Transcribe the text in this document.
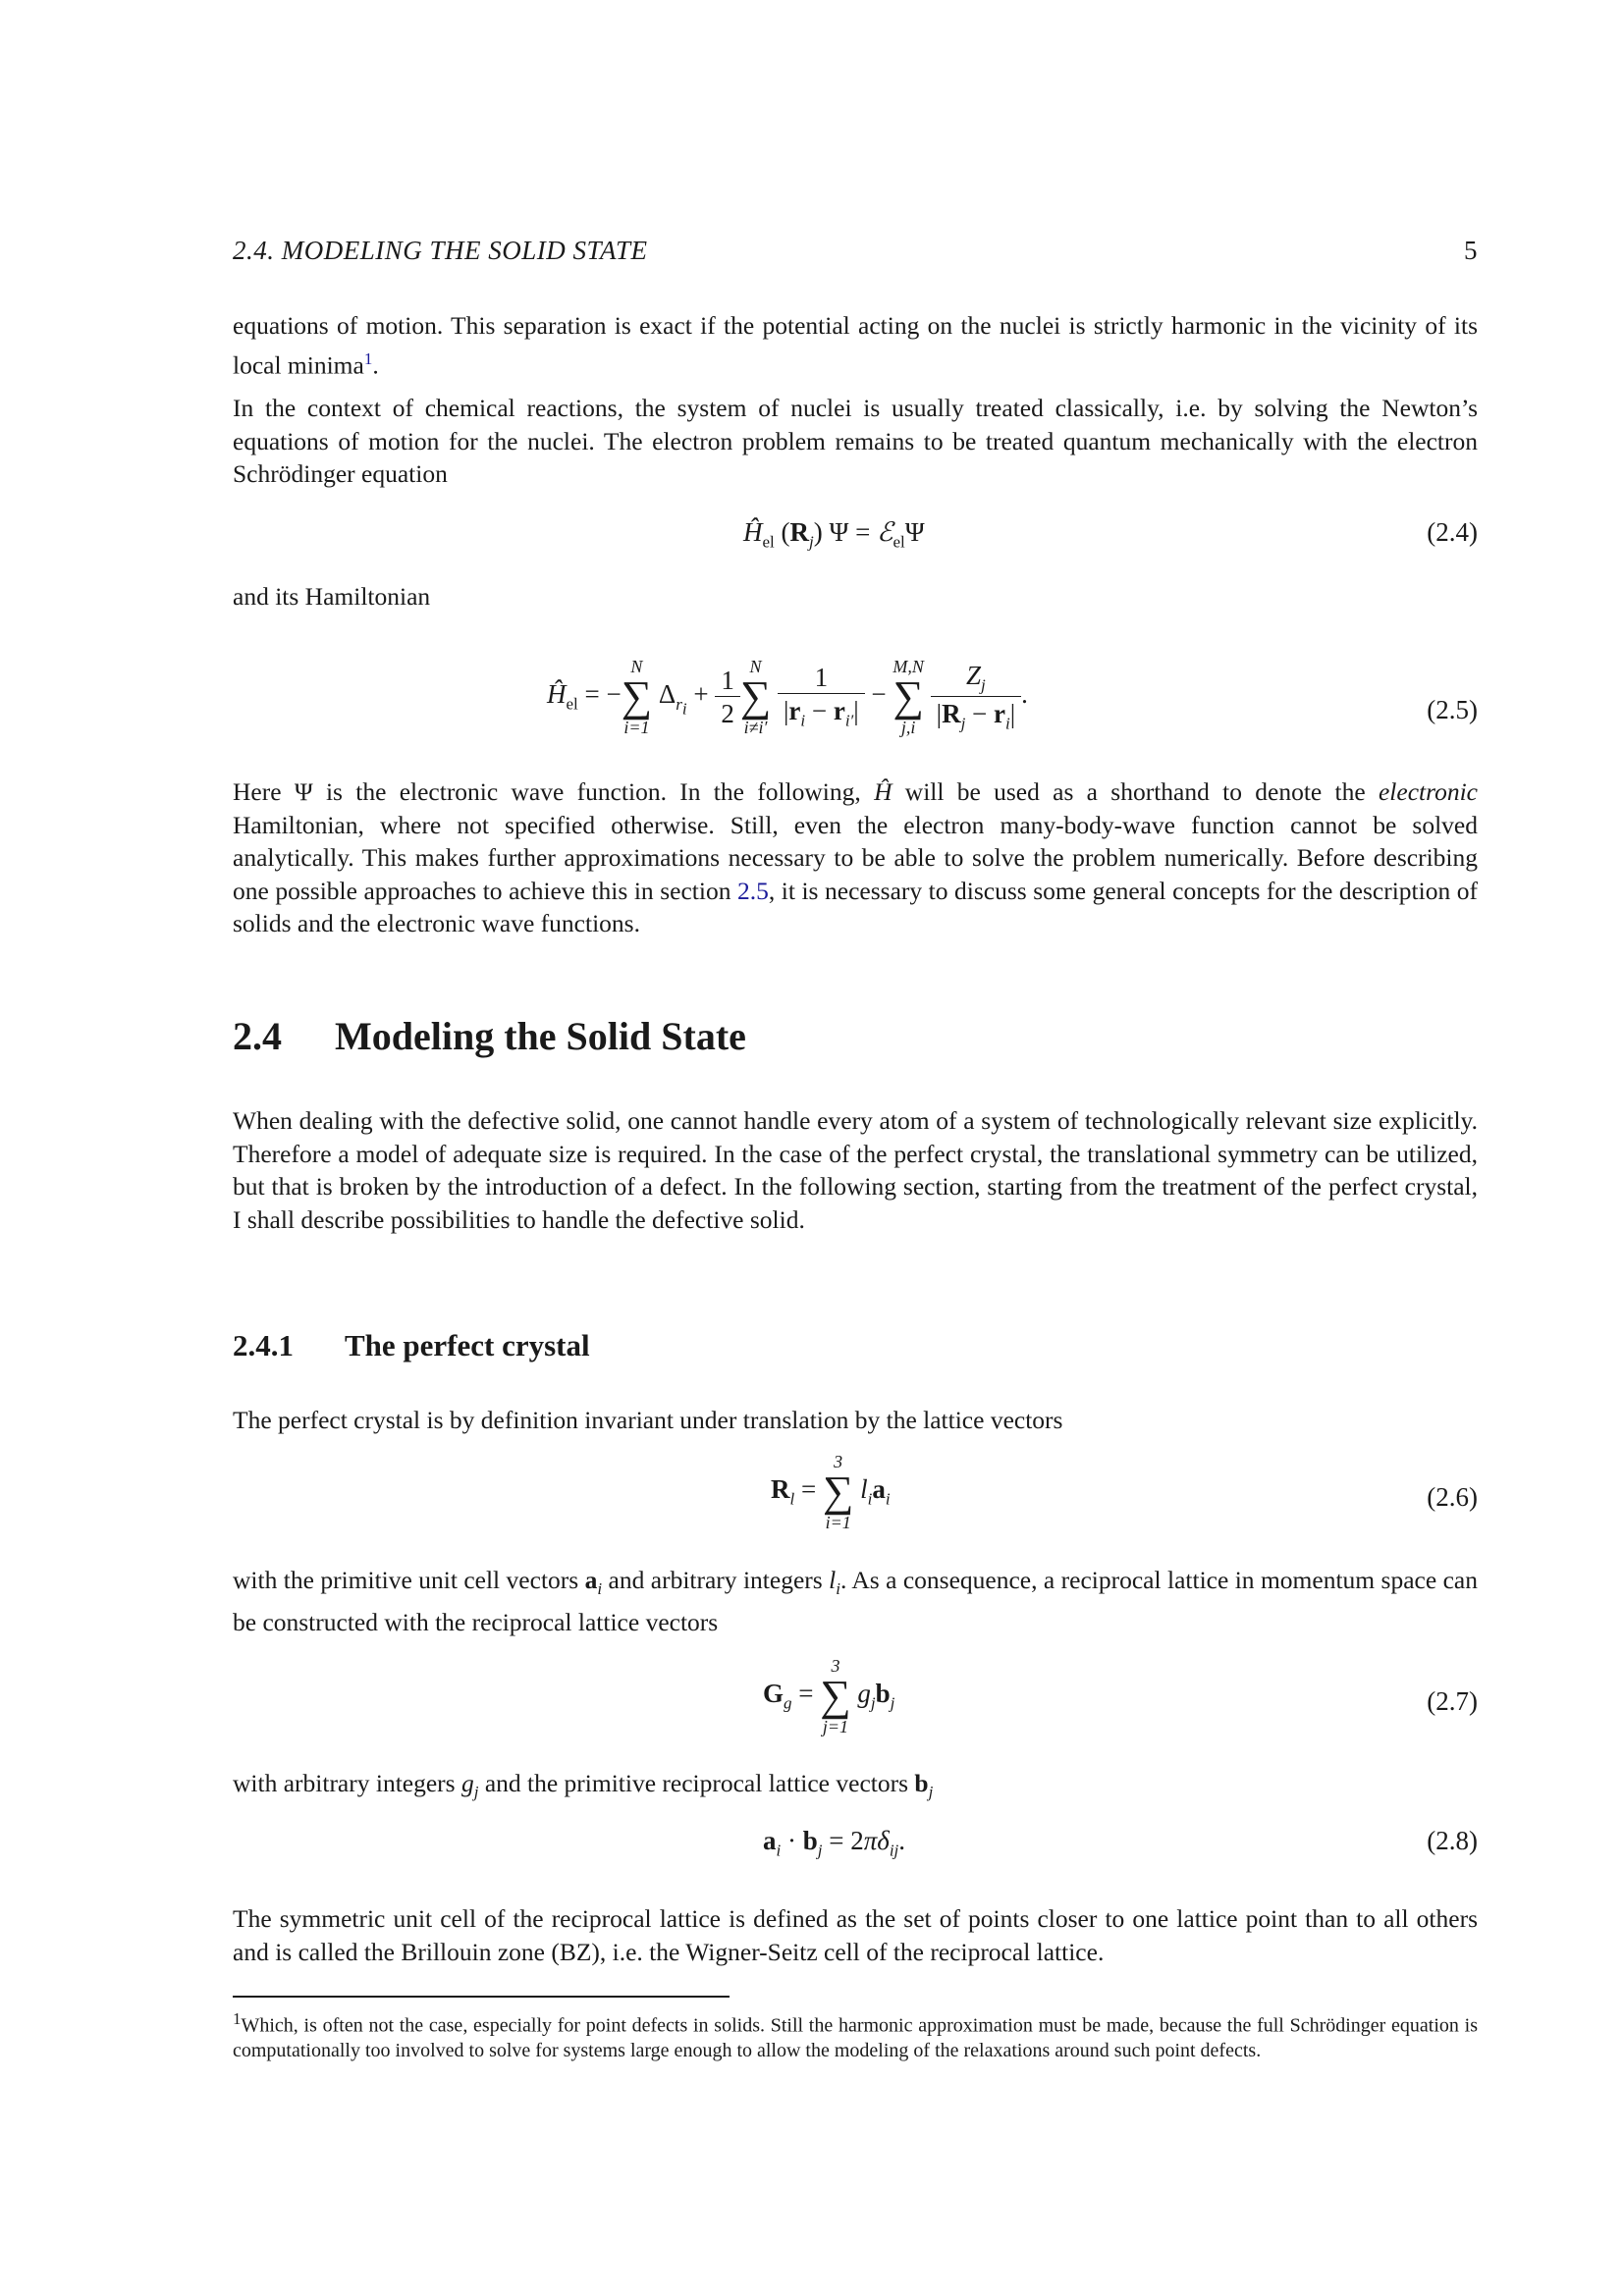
2.4. MODELING THE SOLID STATE	5

equations of motion. This separation is exact if the potential acting on the nuclei is strictly harmonic in the vicinity of its local minima$^1$.

In the context of chemical reactions, the system of nuclei is usually treated classically, i.e. by solving the Newton’s equations of motion for the nuclei. The electron problem remains to be treated quantum mechanically with the electron Schrödinger equation

$Ĥ_{el}$ $(R_j) \Psi$ = ℰ$_{el}$Ψ	(2.4)

and its Hamiltonian

$Ĥ_{el}$ = −
N
∑
i=1
$\Delta_{r_i} + \frac{1}{2}$ N
∑
i≠i′
$\frac{1}{|r_i - r_{i'}|}$ −
M,N
∑
j,i
$\frac{Z_j}{|R_j - r_i|}$ .
(2.5)

Here Ψ is the electronic wave function. In the following, Ĥ will be used as a shorthand to denote the electronic Hamiltonian, where not specified otherwise. Still, even the electron many-body-wave function cannot be solved analytically. This makes further approximations necessary to be able to solve the problem numerically. Before describing one possible approaches to achieve this in section 2.5, it is necessary to discuss some general concepts for the description of solids and the electronic wave functions.

2.4 Modeling the Solid State

When dealing with the defective solid, one cannot handle every atom of a system of technologically relevant size explicitly. Therefore a model of adequate size is required. In the case of the perfect crystal, the translational symmetry can be utilized, but that is broken by the introduction of a defect. In the following section, starting from the treatment of the perfect crystal, I shall describe possibilities to handle the defective solid.

2.4.1 The perfect crystal

The perfect crystal is by definition invariant under translation by the lattice vectors

$R_l$ =
3
∑
i=1
$l_ia_i$	(2.6)

with the primitive unit cell vectors $a_i$ and arbitrary integers $l_i$. As a consequence, a reciprocal lattice in momentum space can be constructed with the reciprocal lattice vectors

$G_g$ =
3
∑
j=1
$g_jb_j$	(2.7)

with arbitrary integers $g_j$ and the primitive reciprocal lattice vectors $b_j$

$a_i \cdot b_j = 2\pi\delta_{ij}$.	(2.8)

The symmetric unit cell of the reciprocal lattice is defined as the set of points closer to one lattice point than to all others and is called the Brillouin zone (BZ), i.e. the Wigner-Seitz cell of the reciprocal lattice.

$^1$Which, is often not the case, especially for point defects in solids. Still the harmonic approximation must be made, because the full Schrödinger equation is computationally too involved to solve for systems large enough to allow the modeling of the relaxations around such point defects.
